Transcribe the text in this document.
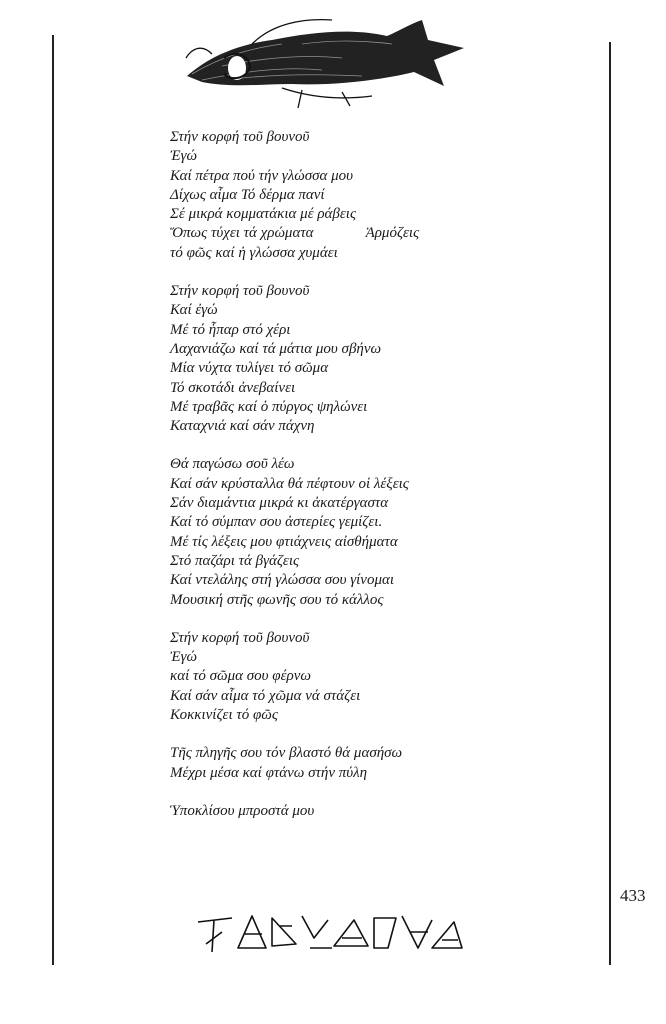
Στήν κορφή τοῦ βουνοῦ
Ἐγώ
Καί πέτρα πού τήν γλώσσα μου
Δίχως αἷμα Τό δέρμα πανί
Σέ μικρά κομματάκια μέ ράβεις
Ὅπως τύχει τά χρώματα	Ἁρμόζεις
τό φῶς καί ἡ γλώσσα χυμάει
Στήν κορφή τοῦ βουνοῦ
Καί ἐγώ
Μέ τό ἧπαρ στό χέρι
Λαχανιάζω καί τά μάτια μου σβήνω
Μία νύχτα τυλίγει τό σῶμα
Τό σκοτάδι ἀνεβαίνει
Μέ τραβᾶς καί ὁ πύργος ψηλώνει
Καταχνιά καί σάν πάχνη
Θά παγώσω σοῦ λέω
Καί σάν κρύσταλλα θά πέφτουν οἱ λέξεις
Σάν διαμάντια μικρά κι ἀκατέργαστα
Καί τό σύμπαν σου ἀστερίες γεμίζει.
Μέ τίς λέξεις μου φτιάχνεις αἰσθήματα
Στό παζάρι τά βγάζεις
Καί ντελάλης στή γλώσσα σου γίνομαι
Μουσική στῆς φωνῆς σου τό κάλλος
Στήν κορφή τοῦ βουνοῦ
Ἐγώ
καί τό σῶμα σου φέρνω
Καί σάν αἷμα τό χῶμα νά στάζει
Κοκκινίζει τό φῶς
Τῆς πληγῆς σου τόν βλαστό θά μασήσω
Μέχρι μέσα καί φτάνω στήν πύλη
Ὑποκλίσου μπροστά μου
433
